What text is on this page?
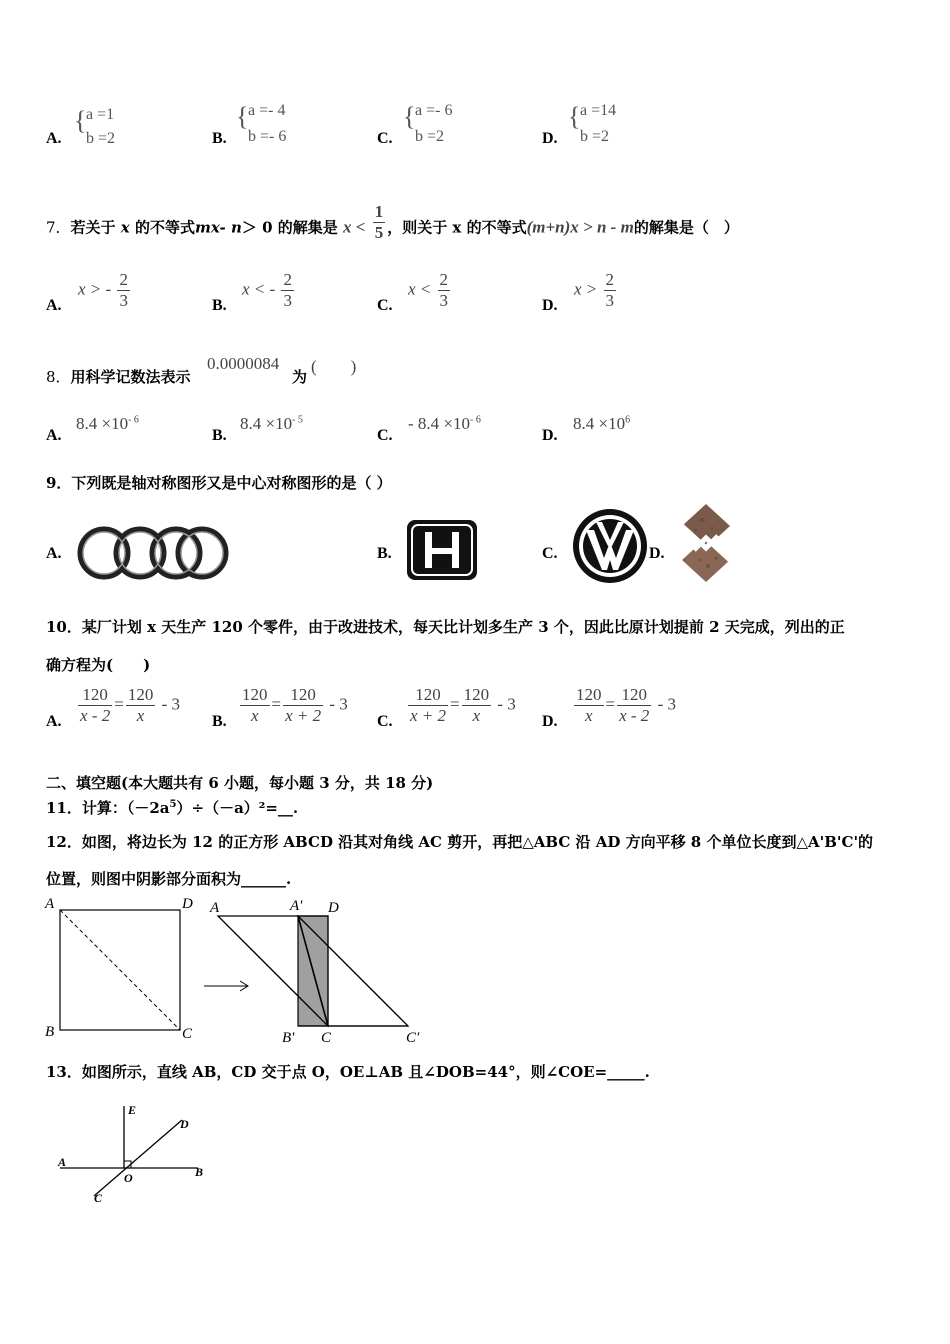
A.
{ a =1
b =2	B.
{ a =- 4
b =- 6	C.
{ a =- 6
b =2	D.
{ a =14
b =2
7．若关于 x 的不等式mx- n＞ 0 的解集是 $x < \frac{1}{5}$ ，则关于 x 的不等式(m+n)x > n - m的解集是（　）
A.
x > - $\frac{2}{3}$	B.
x < - $\frac{2}{3}$	C.
$x < \frac{2}{3}$	D.
$x > \frac{2}{3}$
8．用科学记数法表示
0.0000084
为
(　　)
A.
$8.4 \times 10^{- 6}$
B.
$8.4 \times 10^{- 5}$
C.
- $8.4 \times 10^{- 6}$
D.
$8.4 \times 10^6$
9．下列既是轴对称图形又是中心对称图形的是（ ）
A.	B.	C.	D.
10．某厂计划 x 天生产 120 个零件，由于改进技术，每天比计划多生产 3 个，因此比原计划提前 2 天完成，列出的正
确方程为(　　)
A. $\frac{120}{x - 2} = \frac{120}{x} - 3$
B. $\frac{120}{x} = \frac{120}{x + 2} - 3$
C. $\frac{120}{x + 2} = \frac{120}{x} - 3$
D. $\frac{120}{x} = \frac{120}{x - 2} - 3$
二、填空题(本大题共有 6 小题，每小题 3 分，共 18 分)
11．计算：$(-2a^5)\div(-a)^2=\_\_$.
12．如图，将边长为 12 的正方形 ABCD 沿其对角线 AC 剪开，再把△ABC 沿 AD 方向平移 8 个单位长度到△A'B'C'的
位置，则图中阴影部分面积为______.
A	D
B	C
A	A′ D
B′ C	C′
13．如图所示，直线 AB，CD 交于点 O，OE⊥AB 且∠DOB=44°，则∠COE=_____.
A
B
C
D
E
O
